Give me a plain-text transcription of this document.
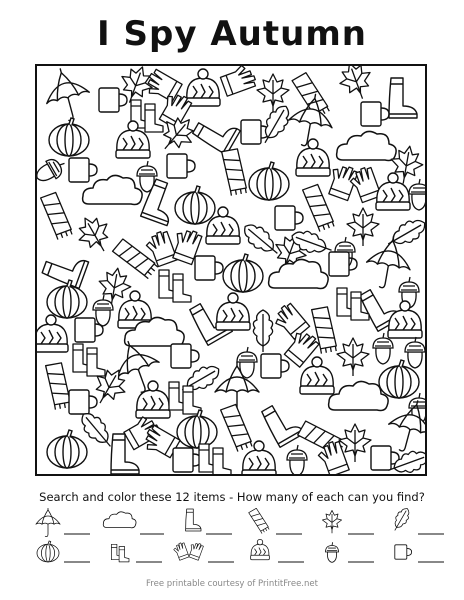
I Spy Autumn
Search and color these 12 items - How many of each can you find?
Free printable courtesy of PrintitFree.net
